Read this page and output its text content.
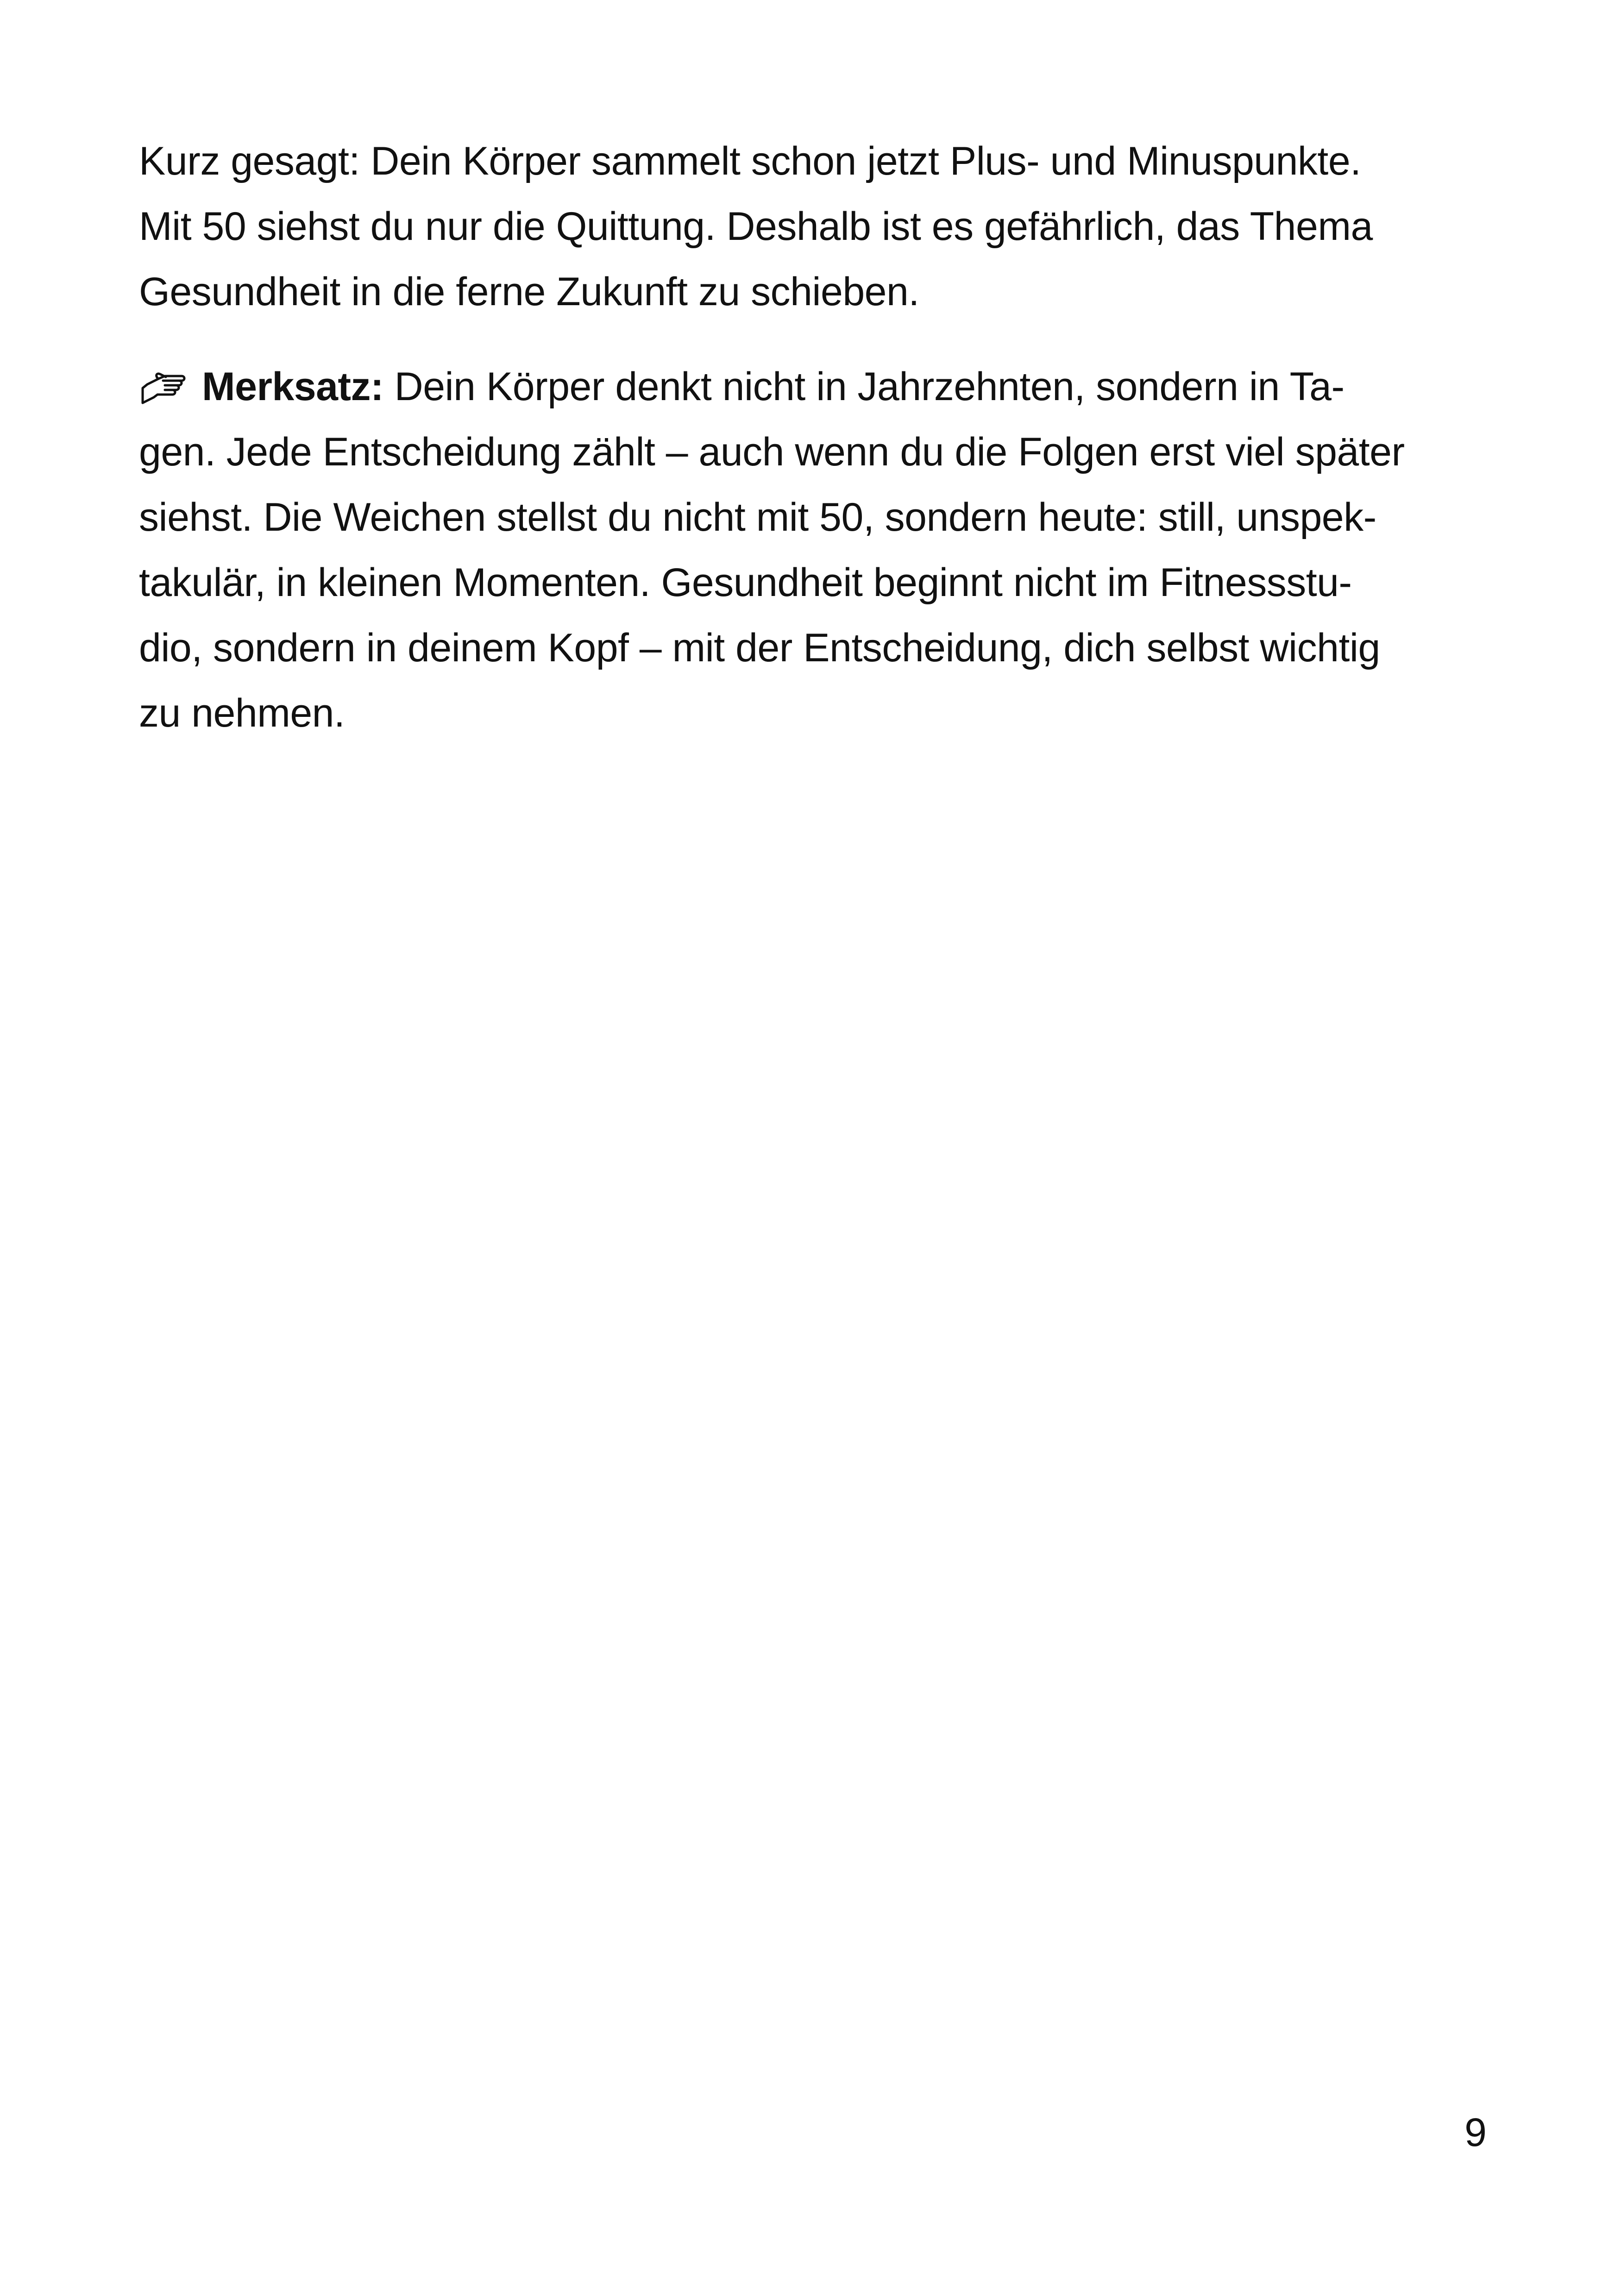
Kurz gesagt: Dein Körper sammelt schon jetzt Plus- und Minuspunkte.
Mit 50 siehst du nur die Quittung. Deshalb ist es gefährlich, das Thema
Gesundheit in die ferne Zukunft zu schieben.

Merksatz: Dein Körper denkt nicht in Jahrzehnten, sondern in Ta-
gen. Jede Entscheidung zählt – auch wenn du die Folgen erst viel später
siehst. Die Weichen stellst du nicht mit 50, sondern heute: still, unspek-
takulär, in kleinen Momenten. Gesundheit beginnt nicht im Fitnessstu-
dio, sondern in deinem Kopf – mit der Entscheidung, dich selbst wichtig
zu nehmen.

9
